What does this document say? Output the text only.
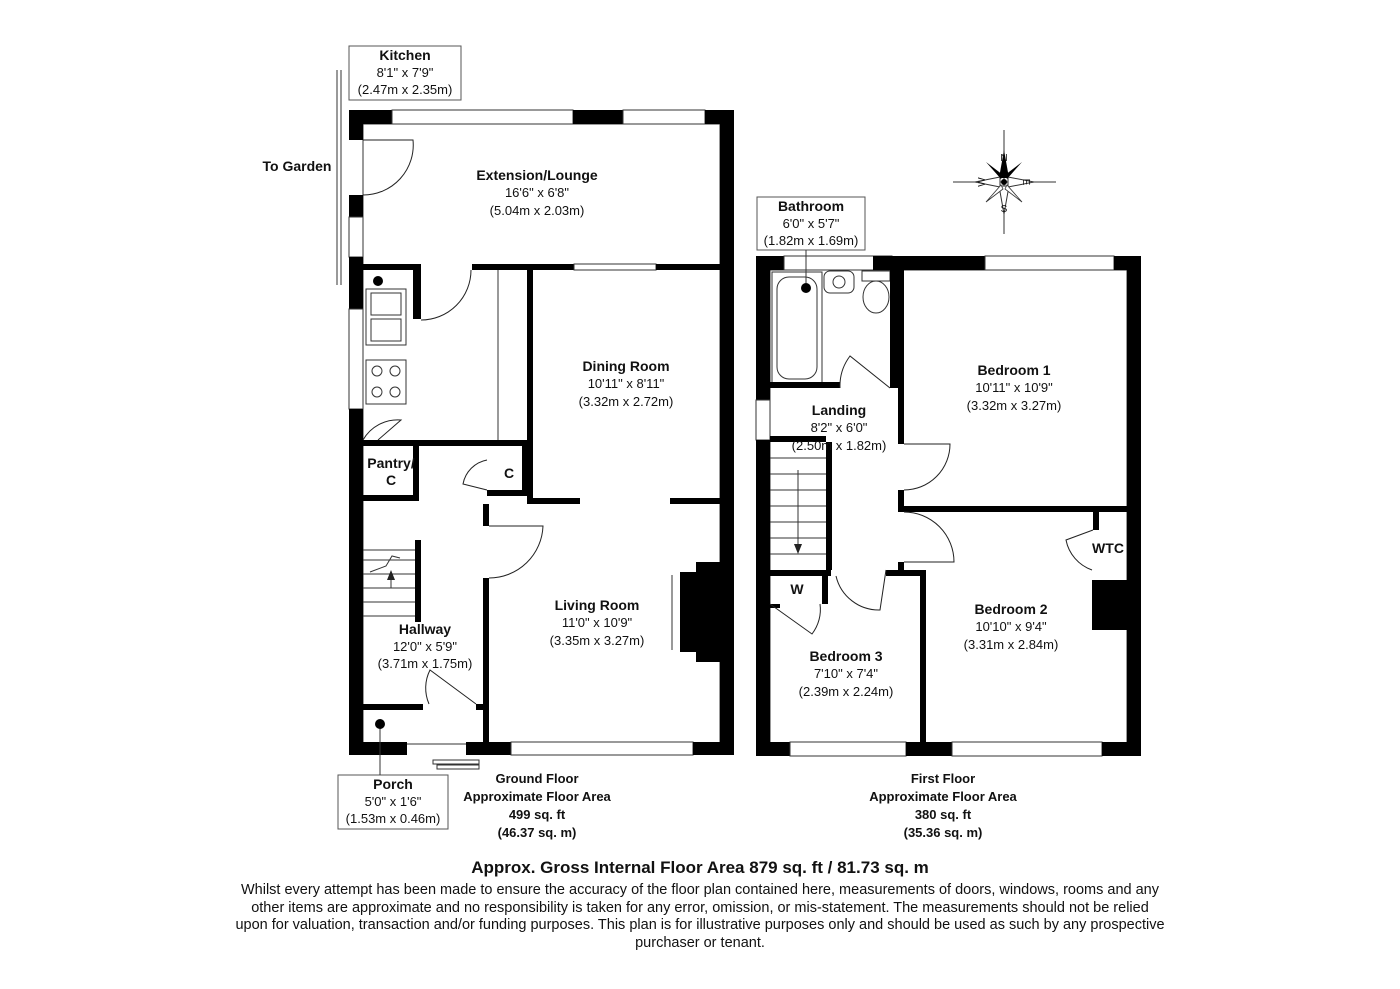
N
S
E
W
Kitchen
8'1" x 7'9"
(2.47m x 2.35m)
Bathroom
6'0" x 5'7"
(1.82m x 1.69m)
Porch
5'0" x 1'6"
(1.53m x 0.46m)
To Garden
Extension/Lounge
16'6" x 6'8"
(5.04m x 2.03m)
Dining Room
10'11" x 8'11"
(3.32m x 2.72m)
Pantry/
C	C
Living Room
11'0" x 10'9"
(3.35m x 3.27m)
Hallway
12'0" x 5'9"
(3.71m x 1.75m)
Bedroom 1
10'11" x 10'9"
(3.32m x 3.27m)
Landing
8'2" x 6'0"
(2.50m x 1.82m)
WTC
W
Bedroom 2
10'10" x 9'4"
(3.31m x 2.84m)
Bedroom 3
7'10" x 7'4"
(2.39m x 2.24m)
Ground Floor
Approximate Floor Area
499 sq. ft
(46.37 sq. m)
First Floor
Approximate Floor Area
380 sq. ft
(35.36 sq. m)
Approx. Gross Internal Floor Area 879 sq. ft / 81.73 sq. m
Whilst every attempt has been made to ensure the accuracy of the floor plan contained here, measurements of doors, windows, rooms and any other items are approximate and no responsibility is taken for any error, omission, or mis-statement. The measurements should not be relied upon for valuation, transaction and/or funding purposes. This plan is for illustrative purposes only and should be used as such by any prospective purchaser or tenant.
